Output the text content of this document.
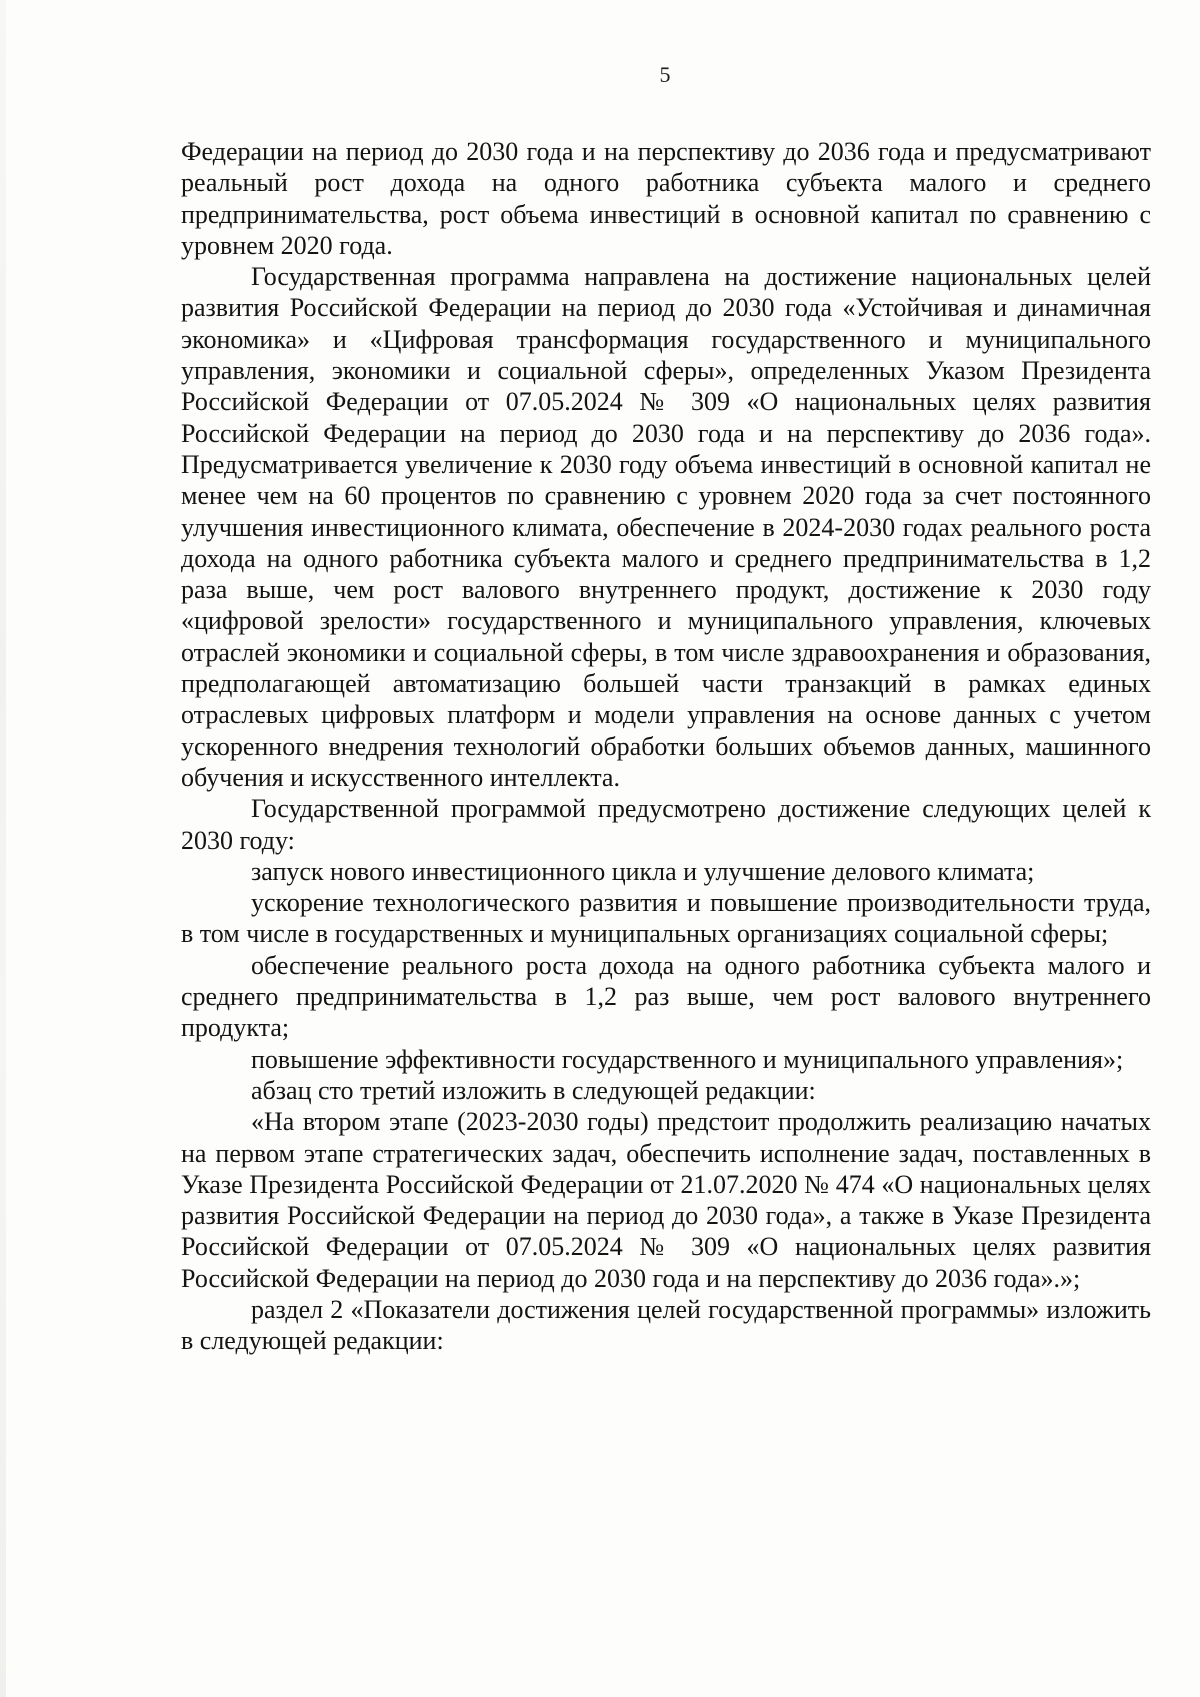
5

Федерации на период до 2030 года и на перспективу до 2036 года и предусматривают реальный рост дохода на одного работника субъекта малого и среднего предпринимательства, рост объема инвестиций в основной капитал по сравнению с уровнем 2020 года.

Государственная программа направлена на достижение национальных целей развития Российской Федерации на период до 2030 года «Устойчивая и динамичная экономика» и «Цифровая трансформация государственного и муниципального управления, экономики и социальной сферы», определенных Указом Президента Российской Федерации от 07.05.2024 № 309 «О национальных целях развития Российской Федерации на период до 2030 года и на перспективу до 2036 года». Предусматривается увеличение к 2030 году объема инвестиций в основной капитал не менее чем на 60 процентов по сравнению с уровнем 2020 года за счет постоянного улучшения инвестиционного климата, обеспечение в 2024-2030 годах реального роста дохода на одного работника субъекта малого и среднего предпринимательства в 1,2 раза выше, чем рост валового внутреннего продукт, достижение к 2030 году «цифровой зрелости» государственного и муниципального управления, ключевых отраслей экономики и социальной сферы, в том числе здравоохранения и образования, предполагающей автоматизацию большей части транзакций в рамках единых отраслевых цифровых платформ и модели управления на основе данных с учетом ускоренного внедрения технологий обработки больших объемов данных, машинного обучения и искусственного интеллекта.

Государственной программой предусмотрено достижение следующих целей к 2030 году:

запуск нового инвестиционного цикла и улучшение делового климата;

ускорение технологического развития и повышение производительности труда, в том числе в государственных и муниципальных организациях социальной сферы;

обеспечение реального роста дохода на одного работника субъекта малого и среднего предпринимательства в 1,2 раз выше, чем рост валового внутреннего продукта;

повышение эффективности государственного и муниципального управления»;

абзац сто третий изложить в следующей редакции:

«На втором этапе (2023-2030 годы) предстоит продолжить реализацию начатых на первом этапе стратегических задач, обеспечить исполнение задач, поставленных в Указе Президента Российской Федерации от 21.07.2020 № 474 «О национальных целях развития Российской Федерации на период до 2030 года», а также в Указе Президента Российской Федерации от 07.05.2024 № 309 «О национальных целях развития Российской Федерации на период до 2030 года и на перспективу до 2036 года».»;

раздел 2 «Показатели достижения целей государственной программы» изложить в следующей редакции:
